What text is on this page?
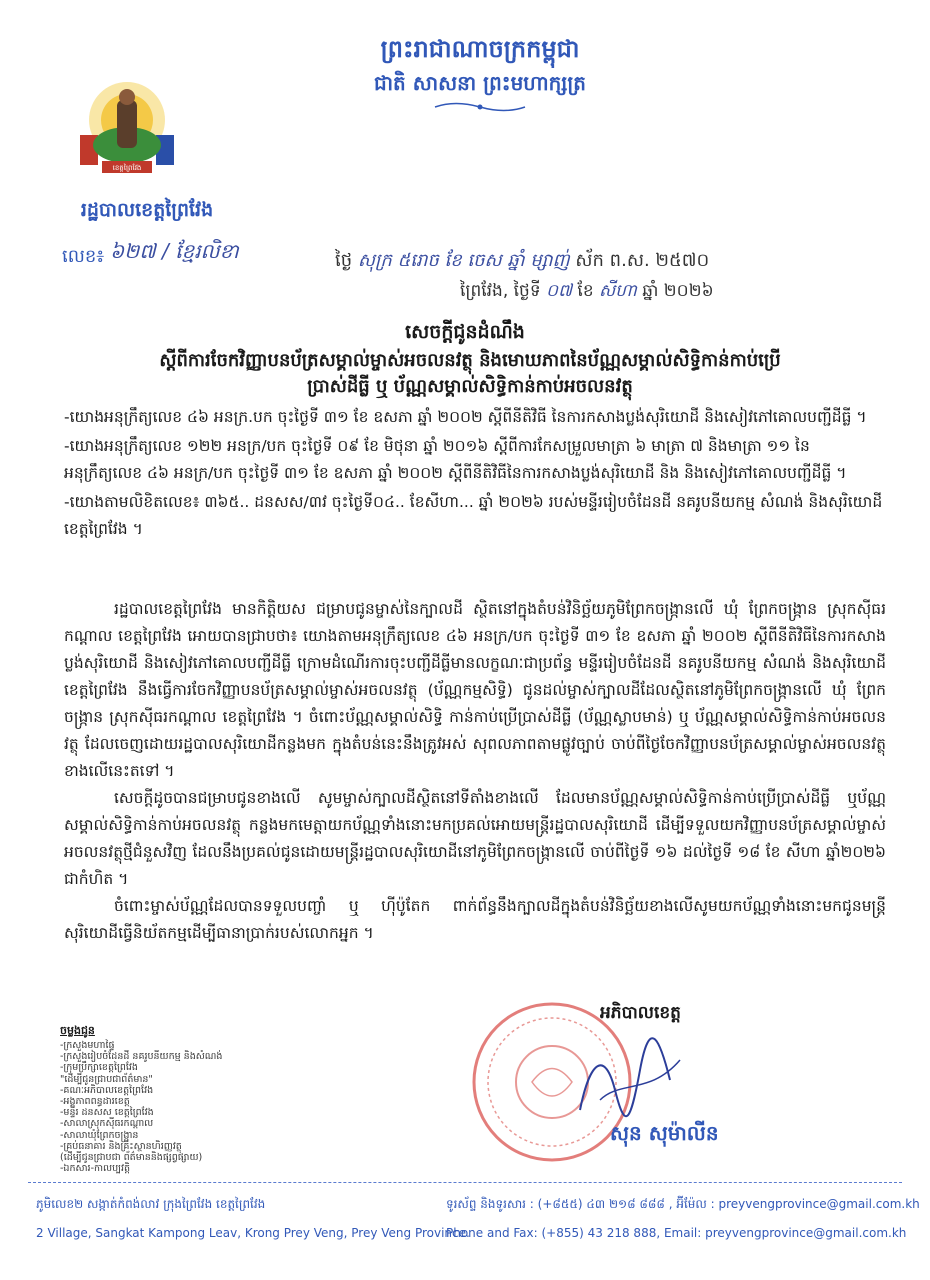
ព្រះរាជាណាចក្រកម្ពុជា
ជាតិ សាសនា ព្រះមហាក្សត្រ
ខេត្តព្រៃវែង
រដ្ឋបាលខេត្តព្រៃវែង
លេខ៖ ៦២៧ / ខ្មែរលិខា	ថ្ងៃ សុក្រ ៥រោច ខែ ចេស ឆ្នាំ ម្សាញ់ ស័ក ព.ស. ២៥៧០
ព្រៃវែង, ថ្ងៃទី ០៧ ខែ សីហា ឆ្នាំ ២០២៦
សេចក្តីជូនដំណឹង
ស្តីពីការចែកវិញ្ញាបនប័ត្រសម្គាល់ម្ចាស់អចលនវត្ថុ និងមោឃភាពនៃប័ណ្ណសម្គាល់សិទ្ធិកាន់កាប់ប្រើប្រាស់ដីធ្លី ឬ ប័ណ្ណសម្គាល់សិទ្ធិកាន់កាប់អចលនវត្ថុ

-យោងអនុក្រឹត្យលេខ ៤៦ អនក្រ.បក ចុះថ្ងៃទី ៣១ ខែ ឧសភា ឆ្នាំ ២០០២ ស្តីពីនីតិវិធី នៃការកសាងប្លង់សុរិយោដី និងសៀវភៅគោលបញ្ជីដីធ្លី ។

-យោងអនុក្រឹត្យលេខ ១២២ អនក្រ/បក ចុះថ្ងៃទី ០៩ ខែ មិថុនា ឆ្នាំ ២០១៦ ស្តីពីការកែសម្រួលមាត្រា ៦ មាត្រា ៧ និងមាត្រា ១១ នៃអនុក្រឹត្យលេខ ៤៦ អនក្រ/បក ចុះថ្ងៃទី ៣១ ខែ ឧសភា ឆ្នាំ ២០០២ ស្តីពីនីតិវិធីនៃការកសាងប្លង់សុរិយោដី និង និងសៀវភៅគោលបញ្ជីដីធ្លី ។

-យោងតាមលិខិតលេខ៖ ៣៦៥.. ដនសស/៣វ ចុះថ្ងៃទី០៤.. ខែសីហា... ឆ្នាំ ២០២៦ របស់មន្ទីររៀបចំដែនដី នគរូបនីយកម្ម សំណង់ និងសុរិយោដី ខេត្តព្រៃវែង ។

រដ្ឋបាលខេត្តព្រៃវែង មានកិត្តិយស ជម្រាបជូនម្ចាស់នៃក្បាលដី ស្ថិតនៅក្នុងតំបន់វិនិច្ឆ័យភូមិព្រែកចង្ក្រានលើ ឃុំ ព្រែកចង្ក្រាន ស្រុកស៊ីធរកណ្តាល ខេត្តព្រៃវែង អោយបានជ្រាបថា៖ យោងតាមអនុក្រឹត្យលេខ ៤៦ អនក្រ/បក ចុះថ្ងៃទី ៣១ ខែ ឧសភា ឆ្នាំ ២០០២ ស្តីពីនីតិវិធីនៃការកសាងប្លង់សុរិយោដី និងសៀវភៅគោលបញ្ជីដីធ្លី ក្រោមដំណើរការចុះបញ្ជីដីធ្លីមានលក្ខណៈជាប្រព័ន្ធ មន្ទីររៀបចំដែនដី នគរូបនីយកម្ម សំណង់ និងសុរិយោដី ខេត្តព្រៃវែង នឹងធ្វើការចែកវិញ្ញាបនប័ត្រសម្គាល់ម្ចាស់អចលនវត្ថុ (ប័ណ្ណកម្មសិទ្ធិ) ជូនដល់ម្ចាស់ក្បាលដីដែលស្ថិតនៅភូមិព្រែកចង្ក្រានលើ ឃុំ ព្រែកចង្ក្រាន ស្រុកស៊ីធរកណ្តាល ខេត្តព្រៃវែង ។ ចំពោះប័ណ្ណសម្គាល់សិទ្ធិ កាន់កាប់ប្រើប្រាស់ដីធ្លី (ប័ណ្ណស្លាបមាន់) ឬ ប័ណ្ណសម្គាល់សិទ្ធិកាន់កាប់អចលនវត្ថុ ដែលចេញដោយរដ្ឋបាលសុរិយោដីកន្លងមក ក្នុងតំបន់នេះនឹងត្រូវអស់ សុពលភាពតាមផ្លូវច្បាប់ ចាប់ពីថ្ងៃចែកវិញ្ញាបនប័ត្រសម្គាល់ម្ចាស់អចលនវត្ថុខាងលើនេះតទៅ ។

សេចក្តីដូចបានជម្រាបជូនខាងលើ សូមម្ចាស់ក្បាលដីស្ថិតនៅទីតាំងខាងលើ ដែលមានប័ណ្ណសម្គាល់សិទ្ធិកាន់កាប់ប្រើប្រាស់ដីធ្លី ឬប័ណ្ណសម្គាល់សិទ្ធិកាន់កាប់អចលនវត្ថុ កន្លងមកមេត្តាយកប័ណ្ណទាំងនោះមកប្រគល់អោយមន្ត្រីរដ្ឋបាលសុរិយោដី ដើម្បីទទួលយកវិញ្ញាបនប័ត្រសម្គាល់ម្ចាស់អចលនវត្ថុថ្មីជំនួសវិញ ដែលនឹងប្រគល់ជូនដោយមន្ត្រីរដ្ឋបាលសុរិយោដីនៅភូមិព្រែកចង្ក្រានលើ ចាប់ពីថ្ងៃទី ១៦ ដល់ថ្ងៃទី ១៨ ខែ សីហា ឆ្នាំ២០២៦ ជាកំហិត ។

ចំពោះម្ចាស់ប័ណ្ណដែលបានទទួលបញ្ចាំ ឬ ហ៊ីប៉ូតែក ពាក់ព័ន្ធនឹងក្បាលដីក្នុងតំបន់វិនិច្ឆ័យខាងលើសូមយកប័ណ្ណទាំងនោះមកជូនមន្ត្រីសុរិយោដីធ្វើនិយ័តកម្មដើម្បីធានាប្រាក់របស់លោកអ្នក ។

អភិបាលខេត្ត
សុន សុម៉ាលីន
ចម្លងជូន
-ក្រសួងមហាផ្ទៃ
-ក្រសួងរៀបចំដែនដី នគរូបនីយកម្ម និងសំណង់
-ក្រុមប្រឹក្សាខេត្តព្រៃវែង
"ដើម្បីជូនជ្រាបជាព័ត៌មាន"
-គណៈអភិបាលខេត្តព្រៃវែង
-អង្គភាពពន្ធដារខេត្ត
-មន្ទីរ ដនសស ខេត្តព្រៃវែង
-សាលាស្រុកស៊ីធរកណ្តាល
-សាលាឃុំព្រែកចង្ក្រាន
-គ្រប់ធនាគារ និងគ្រឹះស្ថានហិរញ្ញវត្ថុ
(ដើម្បីជូនជ្រាបជា ព័ត៌មាននិងផ្សព្វផ្សាយ)
-ឯកសារ-កាលប្បវត្តិ
ភូមិលេខ២ សង្កាត់កំពង់លាវ ក្រុងព្រៃវែង ខេត្តព្រៃវែង
2 Village, Sangkat Kampong Leav, Krong Prey Veng, Prey Veng Province.
ទូរស័ព្ទ និងទូរសារ : (+៨៥៥) ៤៣ ២១៨ ៨៨៨ , អ៊ីម៉ែល : preyvengprovince@gmail.com.kh
Phone and Fax: (+855) 43 218 888, Email: preyvengprovince@gmail.com.kh
